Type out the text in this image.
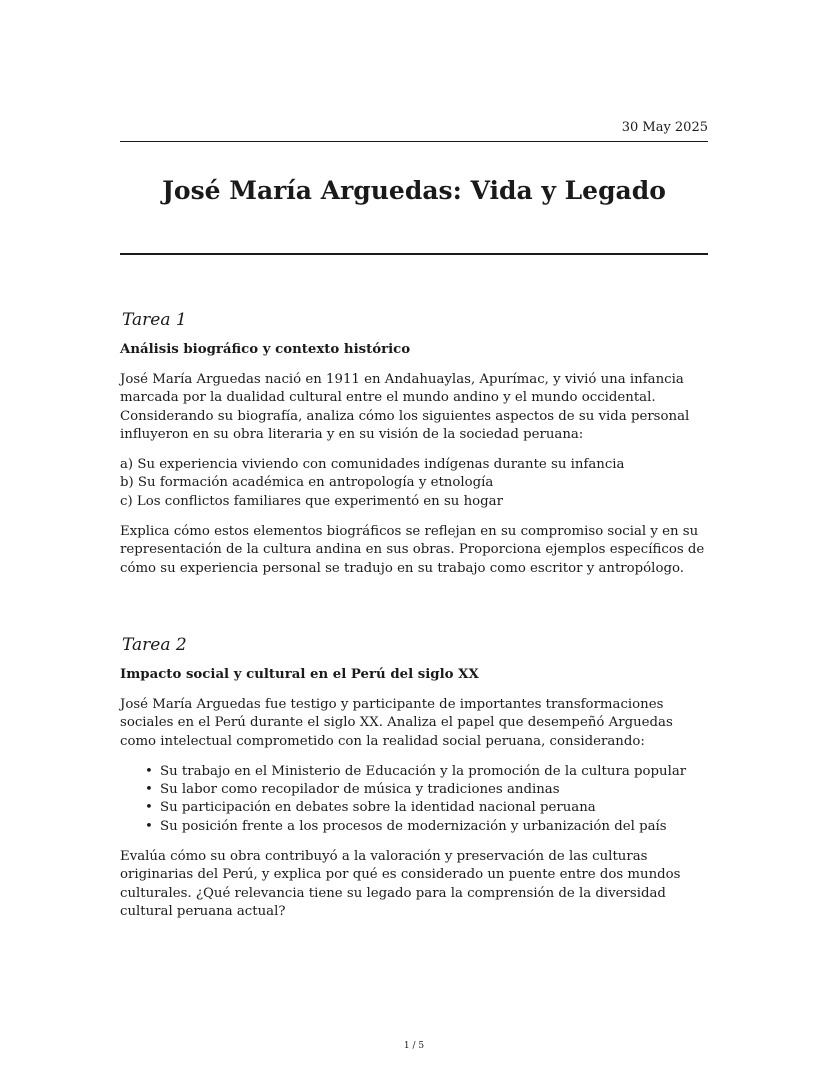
30 May 2025
José María Arguedas: Vida y Legado
Tarea 1
Análisis biográfico y contexto histórico

José María Arguedas nació en 1911 en Andahuaylas, Apurímac, y vivió una infancia marcada por la dualidad cultural entre el mundo andino y el mundo occidental. Considerando su biografía, analiza cómo los siguientes aspectos de su vida personal influyeron en su obra literaria y en su visión de la sociedad peruana:

a) Su experiencia viviendo con comunidades indígenas durante su infancia
b) Su formación académica en antropología y etnología
c) Los conflictos familiares que experimentó en su hogar

Explica cómo estos elementos biográficos se reflejan en su compromiso social y en su representación de la cultura andina en sus obras. Proporciona ejemplos específicos de cómo su experiencia personal se tradujo en su trabajo como escritor y antropólogo.

Tarea 2
Impacto social y cultural en el Perú del siglo XX

José María Arguedas fue testigo y participante de importantes transformaciones sociales en el Perú durante el siglo XX. Analiza el papel que desempeñó Arguedas como intelectual comprometido con la realidad social peruana, considerando:

• Su trabajo en el Ministerio de Educación y la promoción de la cultura popular
• Su labor como recopilador de música y tradiciones andinas
• Su participación en debates sobre la identidad nacional peruana
• Su posición frente a los procesos de modernización y urbanización del país

Evalúa cómo su obra contribuyó a la valoración y preservación de las culturas originarias del Perú, y explica por qué es considerado un puente entre dos mundos culturales. ¿Qué relevancia tiene su legado para la comprensión de la diversidad cultural peruana actual?

1 / 5
